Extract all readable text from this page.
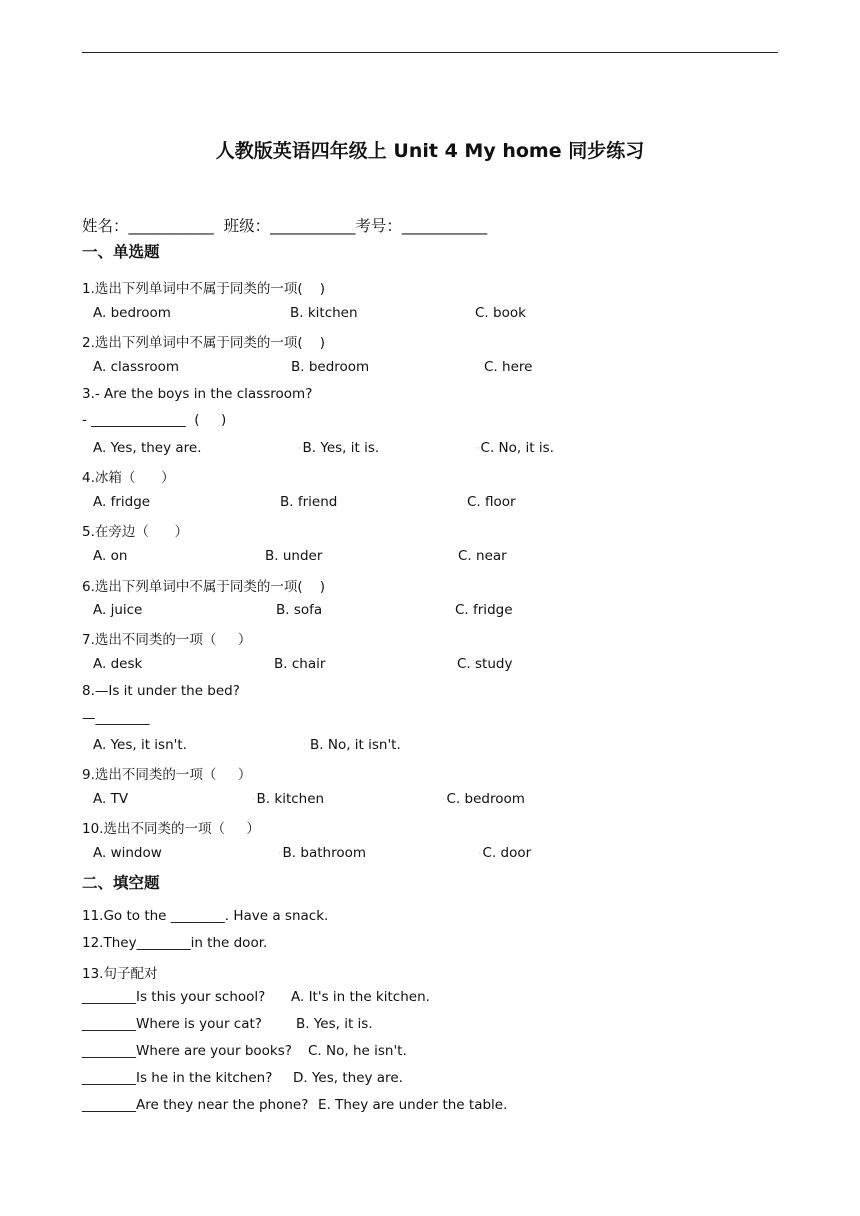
人教版英语四年级上 Unit 4 My home 同步练习
姓名：___________  班级：___________考号：___________
一、单选题
1.选出下列单词中不属于同类的一项(    )
A. bedroom	B. kitchen	C. book
2.选出下列单词中不属于同类的一项(    )
A. classroom	B. bedroom	C. here
3.- Are the boys in the classroom?
- ______________  (     )
A. Yes, they are.	◦B. Yes, it is.	◦C. No, it is.
4.冰箱（      ）
A. fridge	B. friend	C. floor
5.在旁边（      ）
A. on	B. under	C. near
6.选出下列单词中不属于同类的一项(    )
A. juice	B. sofa	C. fridge
7.选出不同类的一项（     ）
A. desk	B. chair	C. study
8.—Is it under the bed?
—________
A. Yes, it isn't.	B. No, it isn't.
9.选出不同类的一项（     ）
A. TV	◦B. kitchen	◦C. bedroom
10.选出不同类的一项（     ）
A. window	◦B. bathroom	◦C. door
二、填空题
11.Go to the ________. Have a snack.
12.They________in the door.
13.句子配对
________Is this your school? A. It's in the kitchen.
________Where is your cat?	B. Yes, it is.
________Where are your books? C. No, he isn't.
________Is he in the kitchen? D. Yes, they are.
________Are they near the phone? E. They are under the table.
